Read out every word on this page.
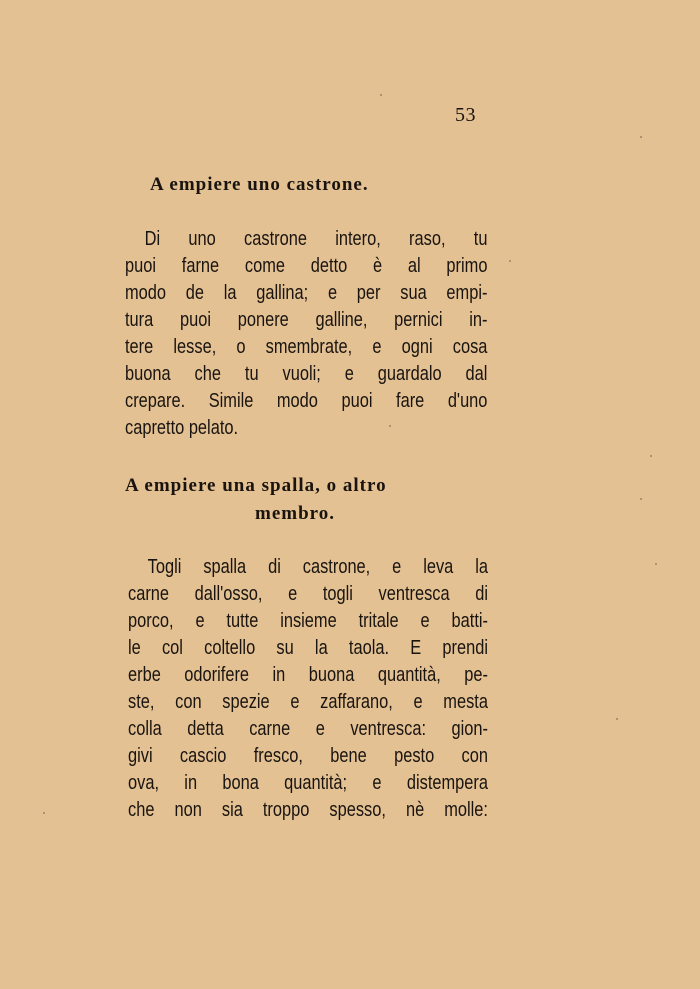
53
A empiere uno castrone.
Di uno castrone intero, raso, tu
puoi farne come detto è al primo
modo de la gallina; e per sua empi-
tura puoi ponere galline, pernici in-
tere lesse, o smembrate, e ogni cosa
buona che tu vuoli; e guardalo dal
crepare. Simile modo puoi fare d'uno
capretto pelato.
A empiere una spalla, o altro
membro.
Togli spalla di castrone, e leva la
carne dall'osso, e togli ventresca di
porco, e tutte insieme tritale e batti-
le col coltello su la taola. E prendi
erbe odorifere in buona quantità, pe-
ste, con spezie e zaffarano, e mesta
colla detta carne e ventresca: gion-
givi cascio fresco, bene pesto con
ova, in bona quantità; e distempera
che non sia troppo spesso, nè molle:
